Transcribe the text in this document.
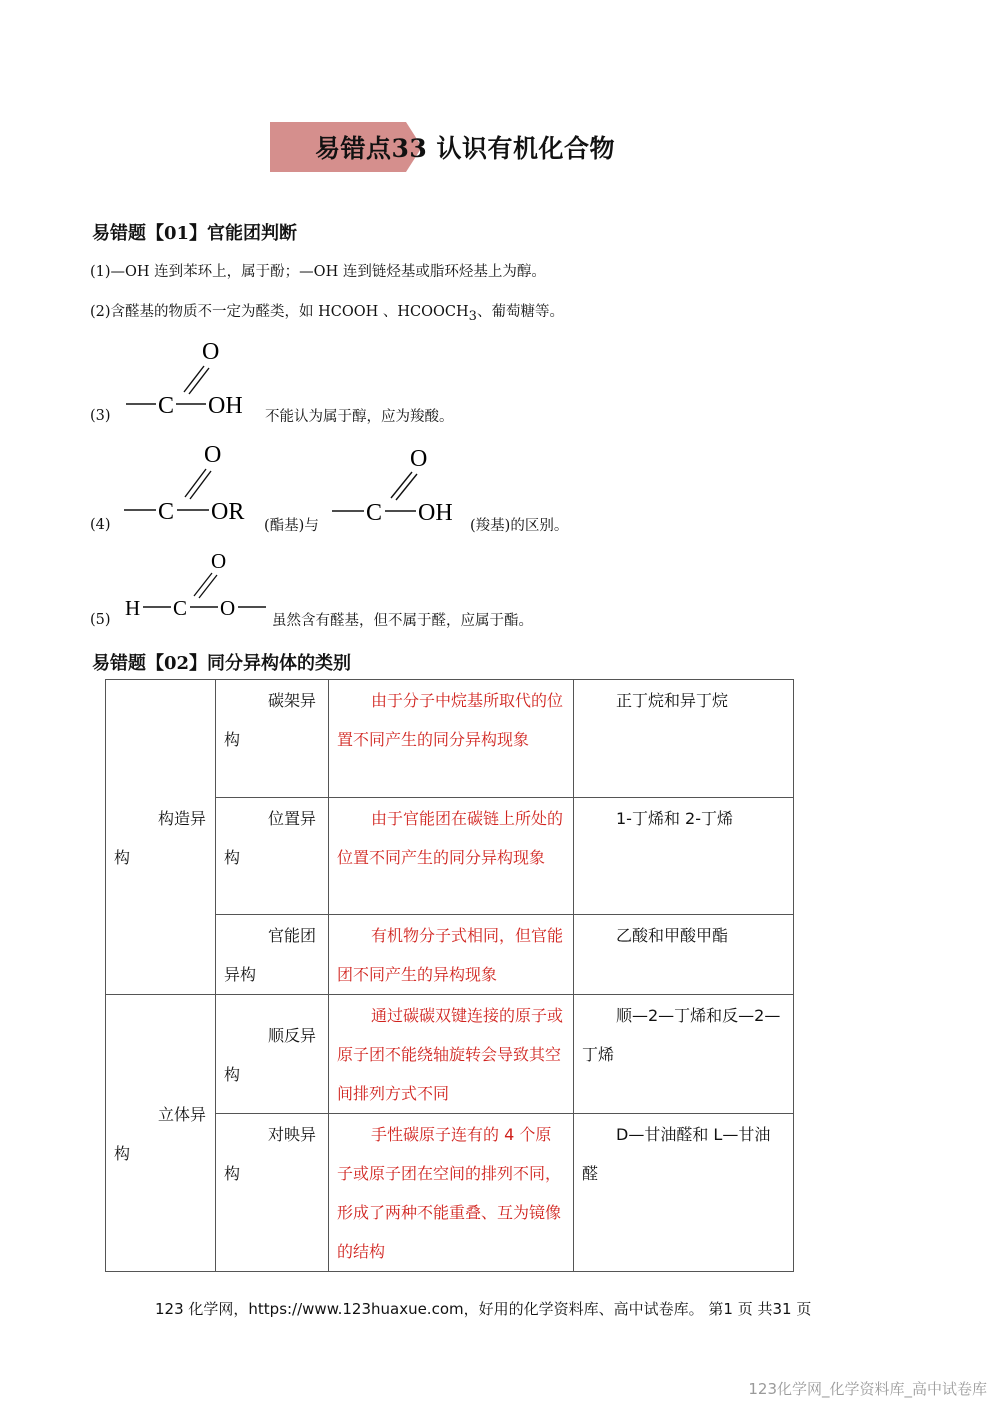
易错点33 认识有机化合物
易错题【01】官能团判断
(1)—OH 连到苯环上，属于酚；—OH 连到链烃基或脂环烃基上为醇。
(2)含醛基的物质不一定为醛类，如 HCOOH 、$HCOOCH_3$、葡萄糖等。
(3)
O
C OH 不能认为属于醇，应为羧酸。
(4)
O
C OR
(酯基)与
O
C OH (羧基)的区别。
(5)
O
H C O
虽然含有醛基，但不属于醛，应属于酯。
易错题【02】同分异构体的类别
构造异构	碳架异构	由于分子中烷基所取代的位置不同产生的同分异构现象	正丁烷和异丁烷

	位置异构	由于官能团在碳链上所处的位置不同产生的同分异构现象	1-丁烯和 2-丁烯

	官能团异构	有机物分子式相同，但官能团不同产生的异构现象	乙酸和甲酸甲酯

立体异构	顺反异构	通过碳碳双键连接的原子或原子团不能绕轴旋转会导致其空间排列方式不同	顺—2—丁烯和反—2—丁烯

	对映异构	手性碳原子连有的 4 个原子或原子团在空间的排列不同，形成了两种不能重叠、互为镜像的结构	D—甘油醛和 L—甘油醛
123 化学网，https://www.123huaxue.com，好用的化学资料库、高中试卷库。 第1 页 共31 页
123化学网_化学资料库_高中试卷库
